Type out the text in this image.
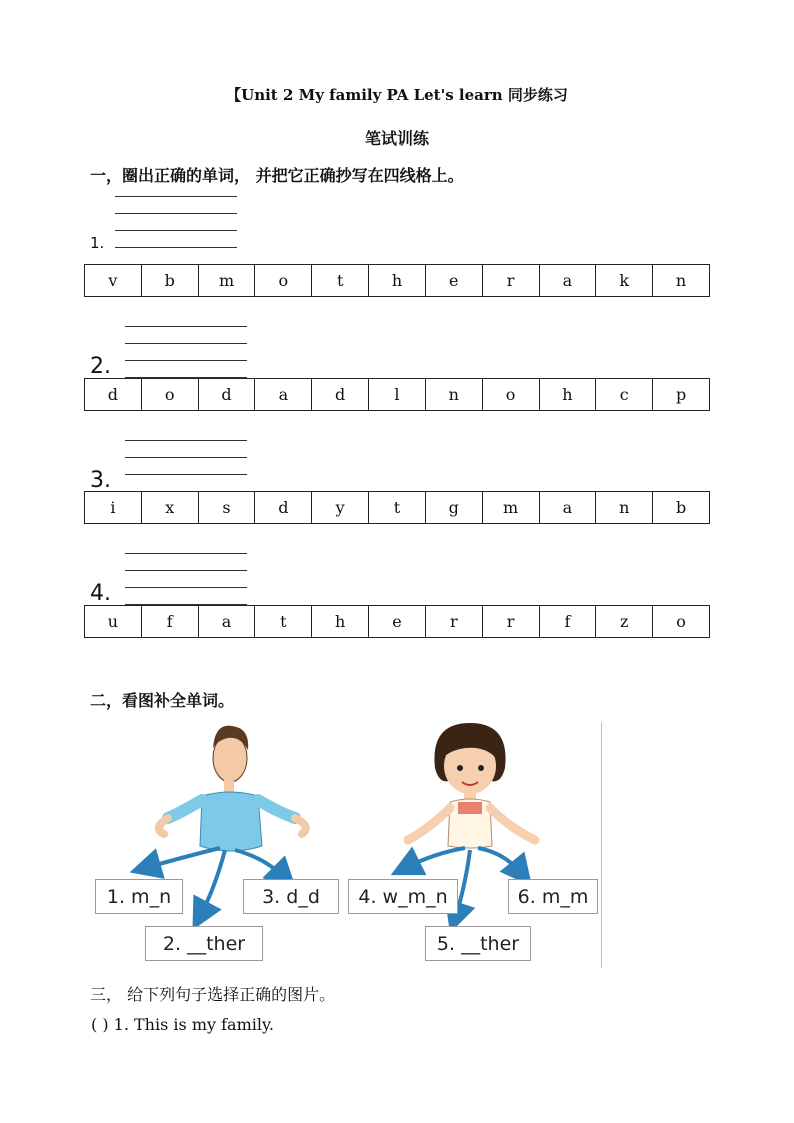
【Unit 2 My family PA Let's learn 同步练习
笔试训练
一，圈出正确的单词， 并把它正确抄写在四线格上。
1.
v	b	m	o	t	h	e	r	a	k	n
2.
d	o	d	a	d	l	n	o	h	c	p
3.
i	x	s	d	y	t	g	m	a	n	b
4.
u	f	a	t	h	e	r	r	f	z	o
二，看图补全单词。
1. m_n
2. __ther
3. d_d	4. w_m_n
5. __ther
6. m_m
三， 给下列句子选择正确的图片。
( ) 1. This is my family.
